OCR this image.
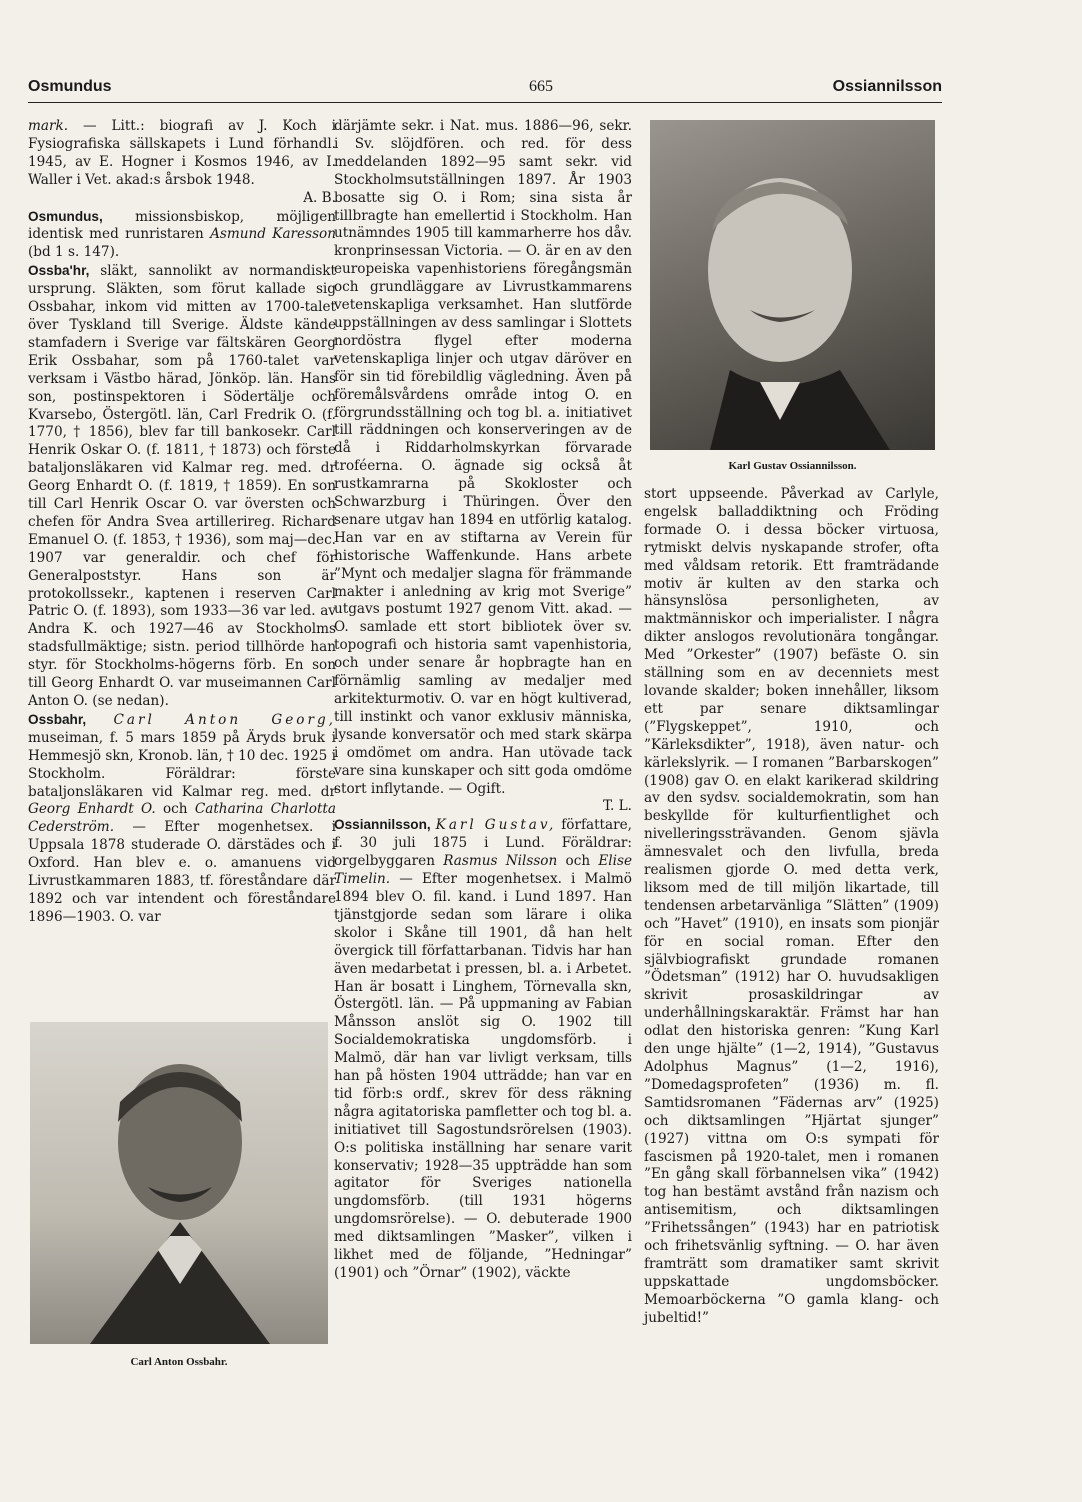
Osmundus	665	Ossiannilsson

mark. — Litt.: biografi av J. Koch i Fysiografiska sällskapets i Lund förhandl. 1945, av E. Hogner i Kosmos 1946, av I. Waller i Vet. akad:s årsbok 1948.
A. B.

Osmundus, missionsbiskop, möjligen identisk med runristaren Asmund Karesson (bd 1 s. 147).

Ossba'hr, släkt, sannolikt av normandiskt ursprung. Släkten, som förut kallade sig Ossbahar, inkom vid mitten av 1700-talet över Tyskland till Sverige. Äldste kände stamfadern i Sverige var fältskären Georg Erik Ossbahar, som på 1760-talet var verksam i Västbo härad, Jönköp. län. Hans son, postinspektoren i Södertälje och Kvarsebo, Östergötl. län, Carl Fredrik O. (f. 1770, † 1856), blev far till bankosekr. Carl Henrik Oskar O. (f. 1811, † 1873) och förste bataljonsläkaren vid Kalmar reg. med. dr Georg Enhardt O. (f. 1819, † 1859). En son till Carl Henrik Oscar O. var översten och chefen för Andra Svea artillerireg. Richard Emanuel O. (f. 1853, † 1936), som maj—dec. 1907 var generaldir. och chef för Generalpoststyr. Hans son är protokollssekr., kaptenen i reserven Carl Patric O. (f. 1893), som 1933—36 var led. av Andra K. och 1927—46 av Stockholms stadsfullmäktige; sistn. period tillhörde han styr. för Stockholms-högerns förb. En son till Georg Enhardt O. var museimannen Carl Anton O. (se nedan).

Ossbahr, Carl Anton Georg, museiman, f. 5 mars 1859 på Äryds bruk i Hemmesjö skn, Kronob. län, † 10 dec. 1925 i Stockholm. Föräldrar: förste bataljonsläkaren vid Kalmar reg. med. dr Georg Enhardt O. och Catharina Charlotta Cederström. — Efter mogenhetsex. i Uppsala 1878 studerade O. därstädes och i Oxford. Han blev e. o. amanuens vid Livrustkammaren 1883, tf. föreståndare där 1892 och var intendent och föreståndare 1896—1903. O. var

Carl Anton Ossbahr.

därjämte sekr. i Nat. mus. 1886—96, sekr. i Sv. slöjdfören. och red. för dess meddelanden 1892—95 samt sekr. vid Stockholmsutställningen 1897. År 1903 bosatte sig O. i Rom; sina sista år tillbragte han emellertid i Stockholm. Han utnämndes 1905 till kammarherre hos dåv. kronprinsessan Victoria. — O. är en av den europeiska vapenhistoriens föregångsmän och grundläggare av Livrustkammarens vetenskapliga verksamhet. Han slutförde uppställningen av dess samlingar i Slottets nordöstra flygel efter moderna vetenskapliga linjer och utgav däröver en för sin tid förebildlig vägledning. Även på föremålsvårdens område intog O. en förgrundsställning och tog bl. a. initiativet till räddningen och konserveringen av de då i Riddarholmskyrkan förvarade troféerna. O. ägnade sig också åt rustkamrarna på Skokloster och Schwarzburg i Thüringen. Över den senare utgav han 1894 en utförlig katalog. Han var en av stiftarna av Verein für historische Waffenkunde. Hans arbete ”Mynt och medaljer slagna för främmande makter i anledning av krig mot Sverige” utgavs postumt 1927 genom Vitt. akad. — O. samlade ett stort bibliotek över sv. topografi och historia samt vapenhistoria, och under senare år hopbragte han en förnämlig samling av medaljer med arkitekturmotiv. O. var en högt kultiverad, till instinkt och vanor exklusiv människa, lysande konversatör och med stark skärpa i omdömet om andra. Han utövade tack vare sina kunskaper och sitt goda omdöme stort inflytande. — Ogift.
T. L.

Ossiannilsson, Karl Gustav, författare, f. 30 juli 1875 i Lund. Föräldrar: orgelbyggaren Rasmus Nilsson och Elise Timelin. — Efter mogenhetsex. i Malmö 1894 blev O. fil. kand. i Lund 1897. Han tjänstgjorde sedan som lärare i olika skolor i Skåne till 1901, då han helt övergick till författarbanan. Tidvis har han även medarbetat i pressen, bl. a. i Arbetet. Han är bosatt i Linghem, Törnevalla skn, Östergötl. län. — På uppmaning av Fabian Månsson anslöt sig O. 1902 till Socialdemokratiska ungdomsförb. i Malmö, där han var livligt verksam, tills han på hösten 1904 utträdde; han var en tid förb:s ordf., skrev för dess räkning några agitatoriska pamfletter och tog bl. a. initiativet till Sagostundsrörelsen (1903). O:s politiska inställning har senare varit konservativ; 1928—35 uppträdde han som agitator för Sveriges nationella ungdomsförb. (till 1931 högerns ungdomsrörelse). — O. debuterade 1900 med diktsamlingen ”Masker”, vilken i likhet med de följande, ”Hedningar” (1901) och ”Örnar” (1902), väckte

Karl Gustav Ossiannilsson.

stort uppseende. Påverkad av Carlyle, engelsk balladdiktning och Fröding formade O. i dessa böcker virtuosa, rytmiskt delvis nyskapande strofer, ofta med våldsam retorik. Ett framträdande motiv är kulten av den starka och hänsynslösa personligheten, av maktmänniskor och imperialister. I några dikter anslogos revolutionära tongångar. Med ”Orkester” (1907) befäste O. sin ställning som en av decenniets mest lovande skalder; boken innehåller, liksom ett par senare diktsamlingar (”Flygskeppet”, 1910, och ”Kärleksdikter”, 1918), även natur- och kärlekslyrik. — I romanen ”Barbarskogen” (1908) gav O. en elakt karikerad skildring av den sydsv. socialdemokratin, som han beskyllde för kulturfientlighet och nivelleringssträvanden. Genom sjävla ämnesvalet och den livfulla, breda realismen gjorde O. med detta verk, liksom med de till miljön likartade, till tendensen arbetarvänliga ”Slätten” (1909) och ”Havet” (1910), en insats som pionjär för en social roman. Efter den självbiografiskt grundade romanen ”Ödetsman” (1912) har O. huvudsakligen skrivit prosaskildringar av underhållningskaraktär. Främst har han odlat den historiska genren: ”Kung Karl den unge hjälte” (1—2, 1914), ”Gustavus Adolphus Magnus” (1—2, 1916), ”Domedagsprofeten” (1936) m. fl. Samtidsromanen ”Fädernas arv” (1925) och diktsamlingen ”Hjärtat sjunger” (1927) vittna om O:s sympati för fascismen på 1920-talet, men i romanen ”En gång skall förbannelsen vika” (1942) tog han bestämt avstånd från nazism och antisemitism, och diktsamlingen ”Frihetssången” (1943) har en patriotisk och frihetsvänlig syftning. — O. har även framträtt som dramatiker samt skrivit uppskattade ungdomsböcker. Memoarböckerna ”O gamla klang- och jubeltid!”
